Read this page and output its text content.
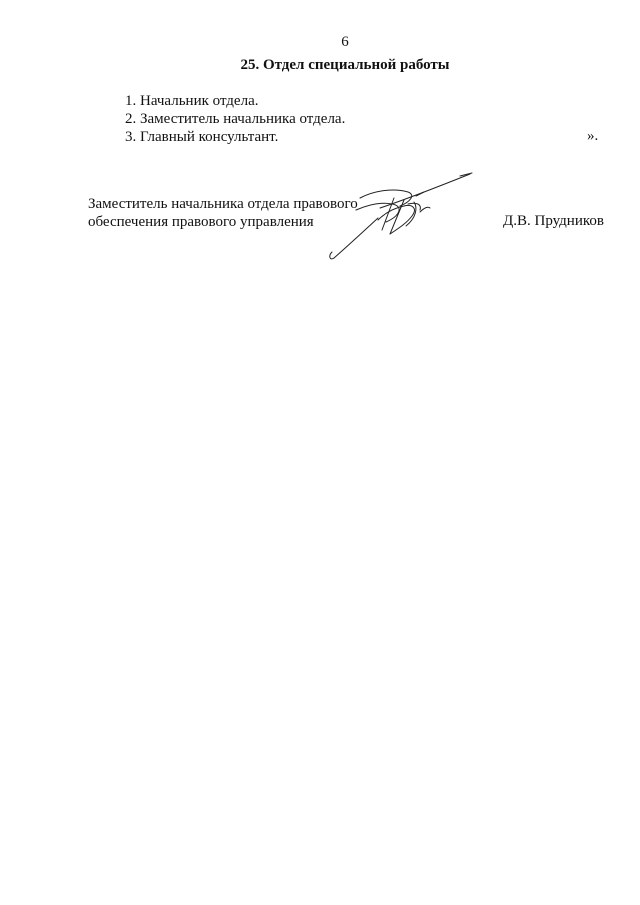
6
25. Отдел специальной работы
1. Начальник отдела.
2. Заместитель начальника отдела.
3. Главный консультант.	».
Заместитель начальника отдела правового
обеспечения правового управления	Д.В. Прудников
